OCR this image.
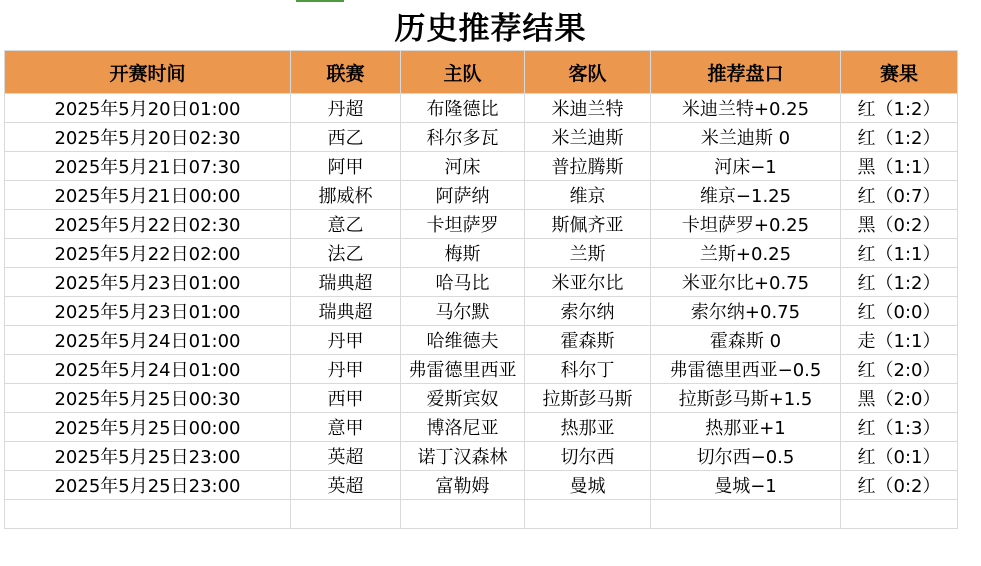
历史推荐结果
开赛时间	联赛	主队	客队	推荐盘口	赛果
2025年5月20日01:00	丹超	布隆德比	米迪兰特	米迪兰特+0.25	红（1:2）
2025年5月20日02:30	西乙	科尔多瓦	米兰迪斯	米兰迪斯 0	红（1:2）
2025年5月21日07:30	阿甲	河床	普拉腾斯	河床−1	黑（1:1）
2025年5月21日00:00	挪威杯	阿萨纳	维京	维京−1.25	红（0:7）
2025年5月22日02:30	意乙	卡坦萨罗	斯佩齐亚	卡坦萨罗+0.25	黑（0:2）
2025年5月22日02:00	法乙	梅斯	兰斯	兰斯+0.25	红（1:1）
2025年5月23日01:00	瑞典超	哈马比	米亚尔比	米亚尔比+0.75	红（1:2）
2025年5月23日01:00	瑞典超	马尔默	索尔纳	索尔纳+0.75	红（0:0）
2025年5月24日01:00	丹甲	哈维德夫	霍森斯	霍森斯 0	走（1:1）
2025年5月24日01:00	丹甲	弗雷德里西亚	科尔丁	弗雷德里西亚−0.5	红（2:0）
2025年5月25日00:30	西甲	爱斯宾奴	拉斯彭马斯	拉斯彭马斯+1.5	黑（2:0）
2025年5月25日00:00	意甲	博洛尼亚	热那亚	热那亚+1	红（1:3）
2025年5月25日23:00	英超	诺丁汉森林	切尔西	切尔西−0.5	红（0:1）
2025年5月25日23:00	英超	富勒姆	曼城	曼城−1	红（0:2）
